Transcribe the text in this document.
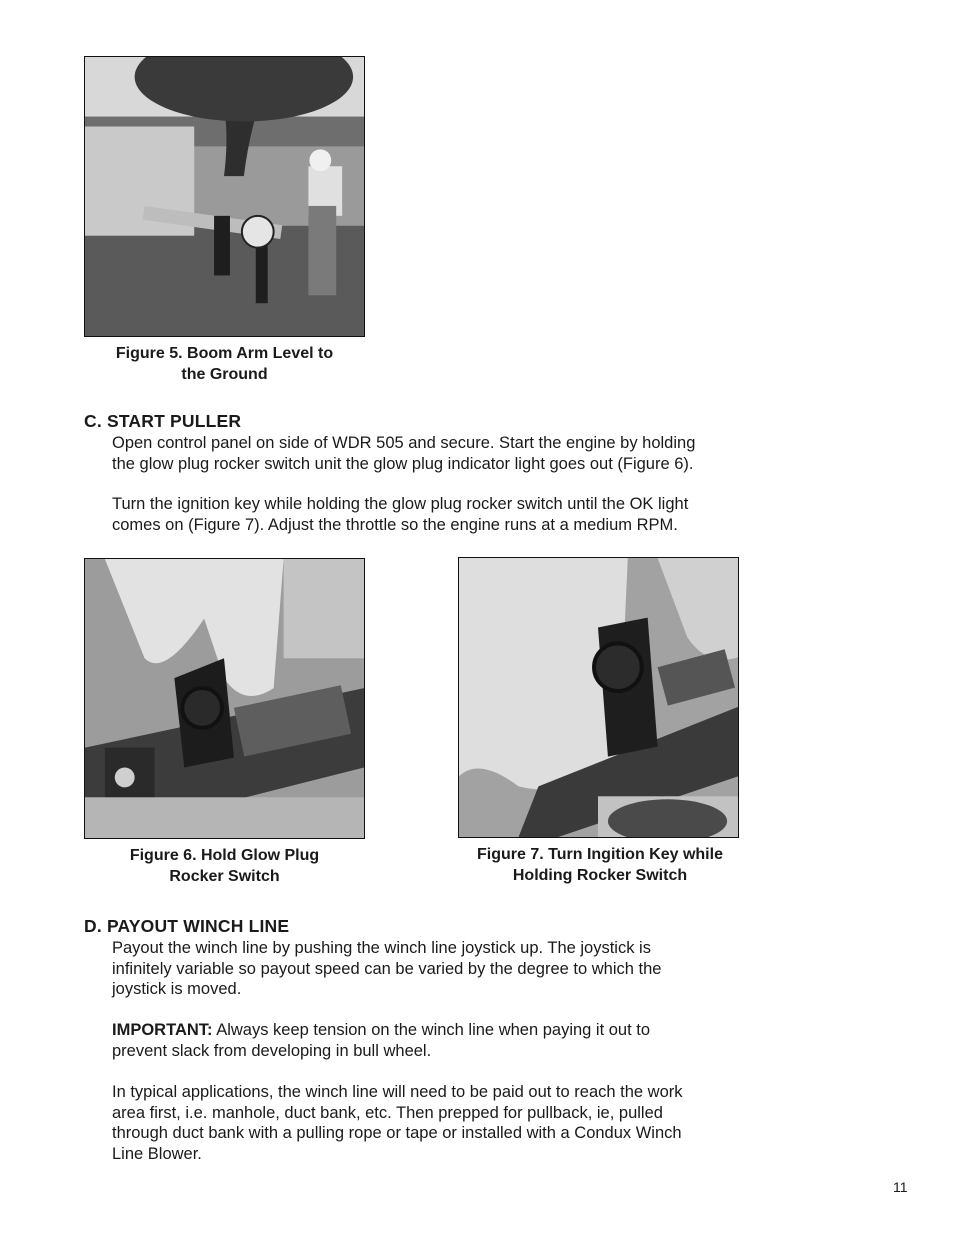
Figure 5. Boom Arm Level to
the Ground
C. START PULLER
Open control panel on side of WDR 505 and secure. Start the engine by holding
the glow plug rocker switch unit the glow plug indicator light goes out (Figure 6).
Turn the ignition key while holding the glow plug rocker switch until the OK light
comes on (Figure 7). Adjust the throttle so the engine runs at a medium RPM.
Figure 6. Hold Glow Plug
Rocker Switch
Figure 7. Turn Ingition Key while
Holding Rocker Switch
D. PAYOUT WINCH LINE
Payout the winch line by pushing the winch line joystick up. The joystick is
infinitely variable so payout speed can be varied by the degree to which the
joystick is moved.
IMPORTANT: Always keep tension on the winch line when paying it out to
prevent slack from developing in bull wheel.
In typical applications, the winch line will need to be paid out to reach the work
area first, i.e. manhole, duct bank, etc. Then prepped for pullback, ie, pulled
through duct bank with a pulling rope or tape or installed with a Condux Winch
Line Blower.
11
